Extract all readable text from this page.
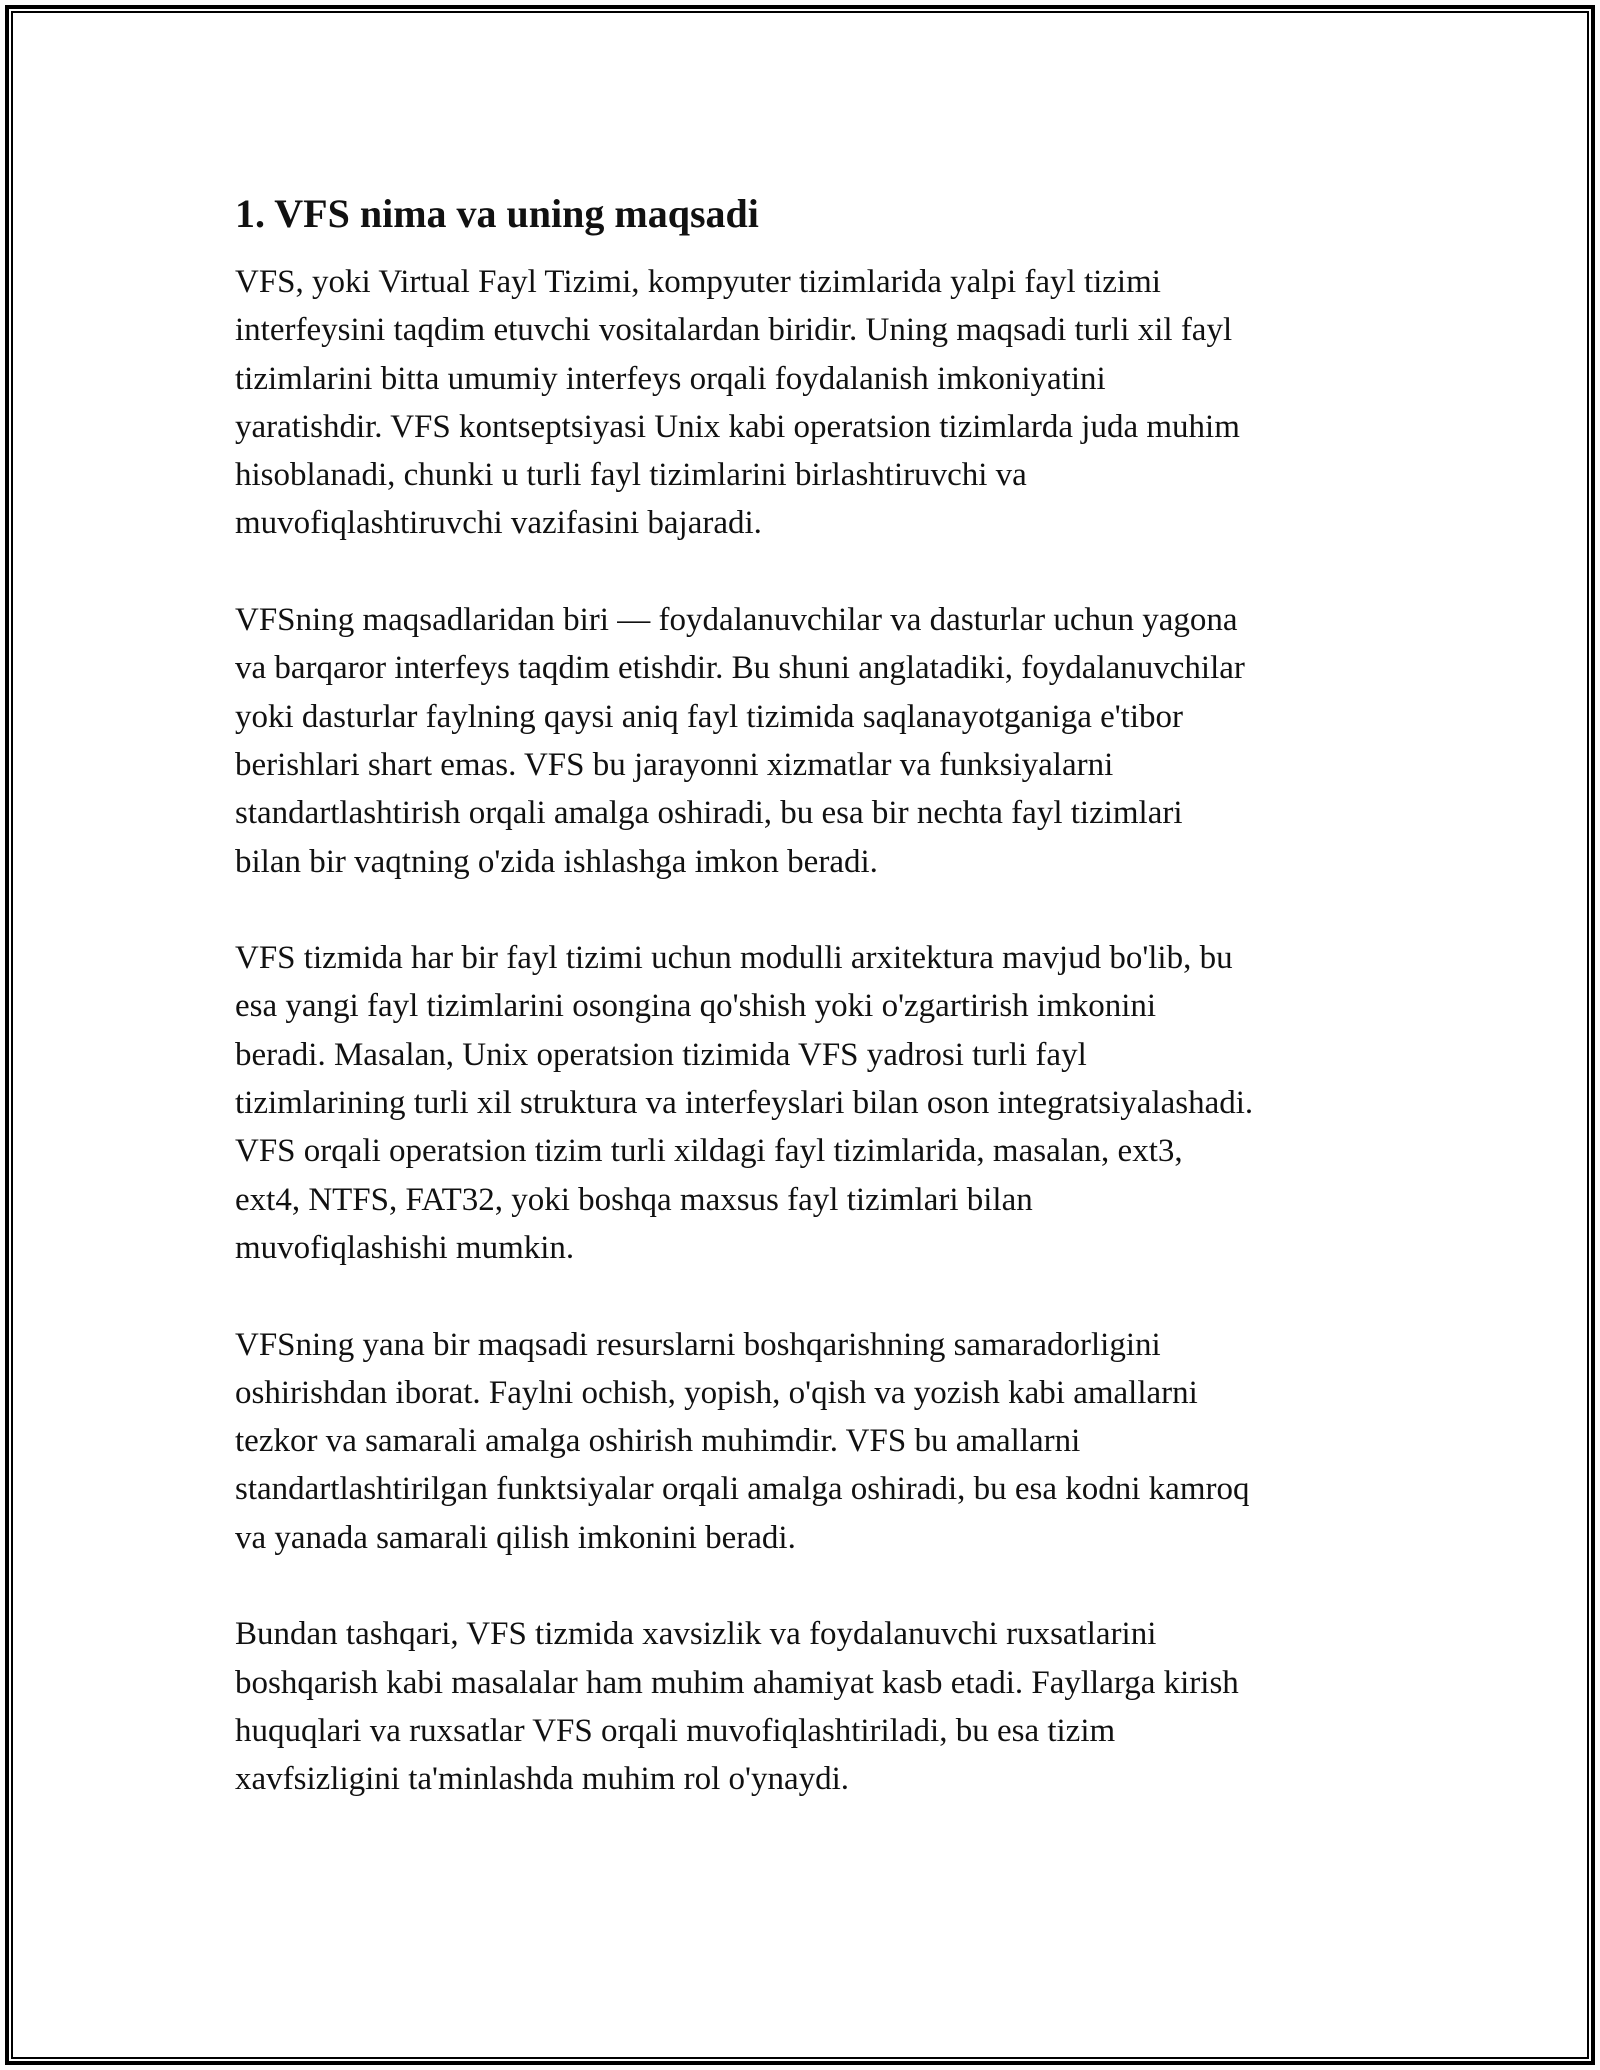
1. VFS nima va uning maqsadi

VFS, yoki Virtual Fayl Tizimi, kompyuter tizimlarida yalpi fayl tizimi
interfeysini taqdim etuvchi vositalardan biridir. Uning maqsadi turli xil fayl
tizimlarini bitta umumiy interfeys orqali foydalanish imkoniyatini
yaratishdir. VFS kontseptsiyasi Unix kabi operatsion tizimlarda juda muhim
hisoblanadi, chunki u turli fayl tizimlarini birlashtiruvchi va
muvofiqlashtiruvchi vazifasini bajaradi.

VFSning maqsadlaridan biri — foydalanuvchilar va dasturlar uchun yagona
va barqaror interfeys taqdim etishdir. Bu shuni anglatadiki, foydalanuvchilar
yoki dasturlar faylning qaysi aniq fayl tizimida saqlanayotganiga e'tibor
berishlari shart emas. VFS bu jarayonni xizmatlar va funksiyalarni
standartlashtirish orqali amalga oshiradi, bu esa bir nechta fayl tizimlari
bilan bir vaqtning o'zida ishlashga imkon beradi.

VFS tizmida har bir fayl tizimi uchun modulli arxitektura mavjud bo'lib, bu
esa yangi fayl tizimlarini osongina qo'shish yoki o'zgartirish imkonini
beradi. Masalan, Unix operatsion tizimida VFS yadrosi turli fayl
tizimlarining turli xil struktura va interfeyslari bilan oson integratsiyalashadi.
VFS orqali operatsion tizim turli xildagi fayl tizimlarida, masalan, ext3,
ext4, NTFS, FAT32, yoki boshqa maxsus fayl tizimlari bilan
muvofiqlashishi mumkin.

VFSning yana bir maqsadi resurslarni boshqarishning samaradorligini
oshirishdan iborat. Faylni ochish, yopish, o'qish va yozish kabi amallarni
tezkor va samarali amalga oshirish muhimdir. VFS bu amallarni
standartlashtirilgan funktsiyalar orqali amalga oshiradi, bu esa kodni kamroq
va yanada samarali qilish imkonini beradi.

Bundan tashqari, VFS tizmida xavsizlik va foydalanuvchi ruxsatlarini
boshqarish kabi masalalar ham muhim ahamiyat kasb etadi. Fayllarga kirish
huquqlari va ruxsatlar VFS orqali muvofiqlashtiriladi, bu esa tizim
xavfsizligini ta'minlashda muhim rol o'ynaydi.
